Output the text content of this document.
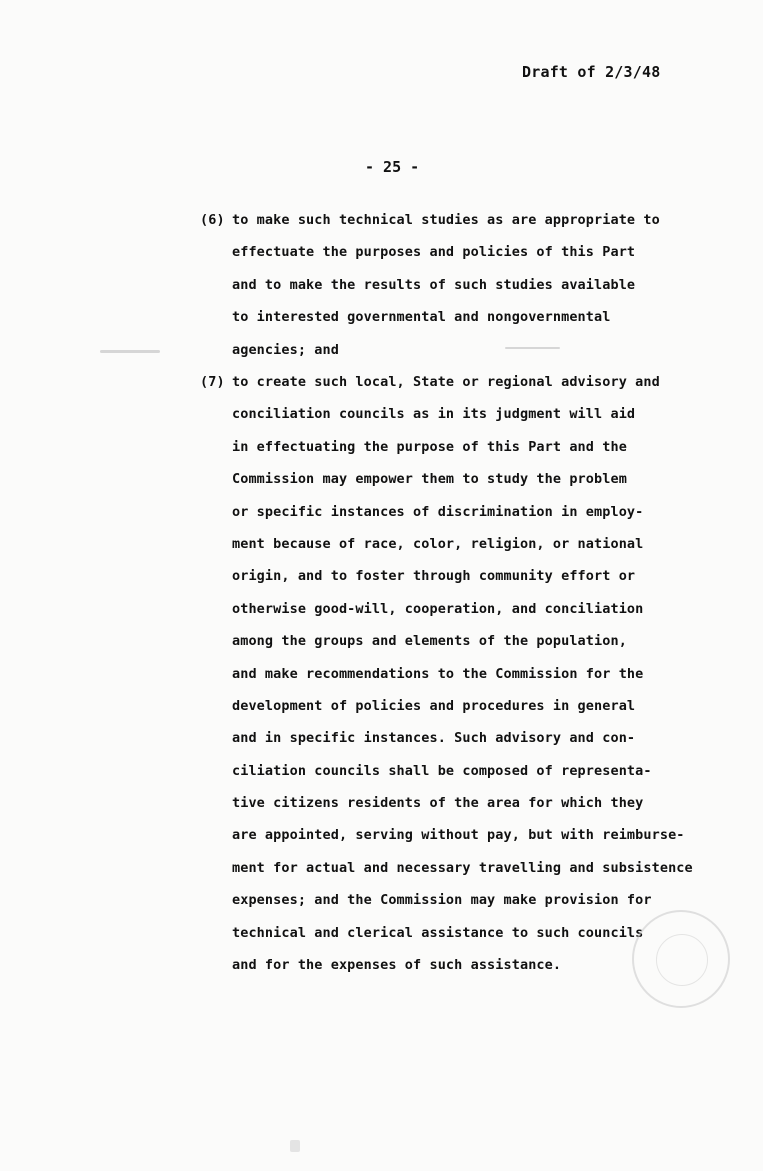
Draft of 2/3/48
- 25 -
(6) to make such technical studies as are appropriate to
effectuate the purposes and policies of this Part
and to make the results of such studies available
to interested governmental and nongovernmental
agencies; and
(7) to create such local, State or regional advisory and
conciliation councils as in its judgment will aid
in effectuating the purpose of this Part and the
Commission may empower them to study the problem
or specific instances of discrimination in employ-
ment because of race, color, religion, or national
origin, and to foster through community effort or
otherwise good-will, cooperation, and conciliation
among the groups and elements of the population,
and make recommendations to the Commission for the
development of policies and procedures in general
and in specific instances. Such advisory and con-
ciliation councils shall be composed of representa-
tive citizens residents of the area for which they
are appointed, serving without pay, but with reimburse-
ment for actual and necessary travelling and subsistence
expenses; and the Commission may make provision for
technical and clerical assistance to such councils
and for the expenses of such assistance.
